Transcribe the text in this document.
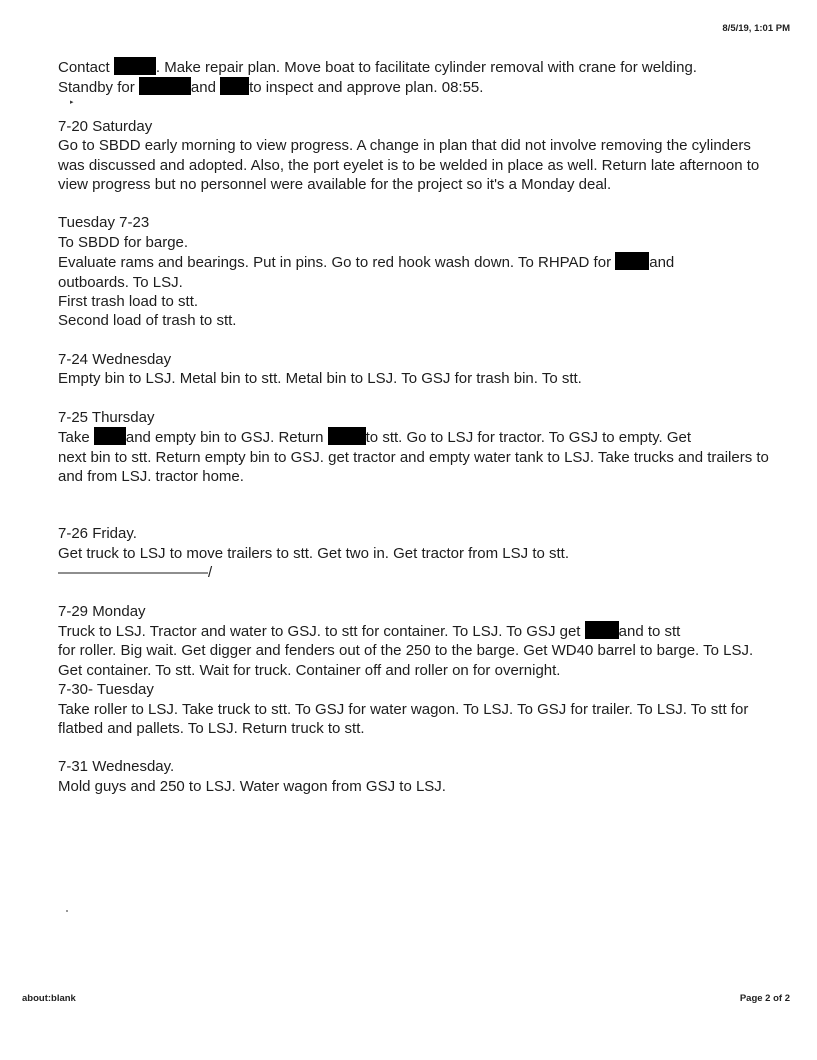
8/5/19, 1:01 PM
▸

Contact	. Make repair plan. Move boat to facilitate cylinder removal with crane for welding.

Standby for	and to inspect and approve plan. 08:55.

7-20 Saturday

Go to SBDD early morning to view progress. A change in plan that did not involve removing the cylinders was discussed and adopted. Also, the port eyelet is to be welded in place as well. Return late afternoon to view progress but no personnel were available for the project so it's a Monday deal.

Tuesday 7-23

To SBDD for barge.

Evaluate rams and bearings. Put in pins. Go to red hook wash down. To RHPAD for and

outboards. To LSJ.

First trash load to stt.

Second load of trash to stt.

7-24 Wednesday

Empty bin to LSJ. Metal bin to stt. Metal bin to LSJ. To GSJ for trash bin. To stt.

7-25 Thursday

Take and empty bin to GSJ. Return	to stt. Go to LSJ for tractor. To GSJ to empty. Get

next bin to stt. Return empty bin to GSJ. get tractor and empty water tank to LSJ. Take trucks and trailers to and from LSJ. tractor home.

7-26 Friday.

Get truck to LSJ to move trailers to stt. Get two in. Get tractor from LSJ to stt.

——————————/

7-29 Monday

Truck to LSJ. Tractor and water to GSJ. to stt for container. To LSJ. To GSJ get and to stt

for roller. Big wait. Get digger and fenders out of the 250 to the barge. Get WD40 barrel to barge. To LSJ. Get container. To stt. Wait for truck. Container off and roller on for overnight.

7-30- Tuesday

Take roller to LSJ. Take truck to stt. To GSJ for water wagon. To LSJ. To GSJ for trailer. To LSJ. To stt for flatbed and pallets. To LSJ. Return truck to stt.

7-31 Wednesday.

Mold guys and 250 to LSJ. Water wagon from GSJ to LSJ.

about:blank	Page 2 of 2
